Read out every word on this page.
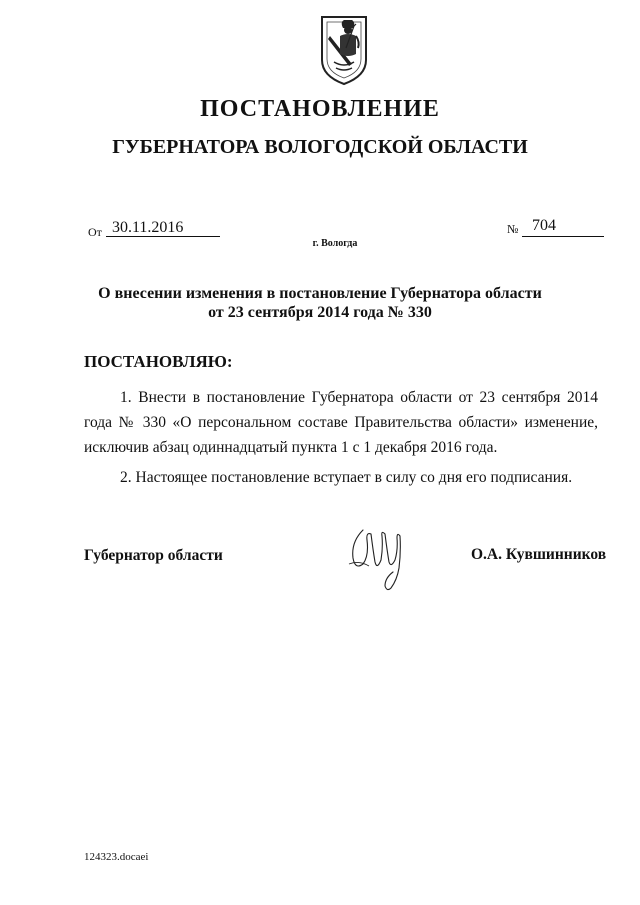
ПОСТАНОВЛЕНИЕ
ГУБЕРНАТОРА ВОЛОГОДСКОЙ ОБЛАСТИ
От 30.11.2016	№ 704
г. Вологда
О внесении изменения в постановление Губернатора области
от 23 сентября 2014 года № 330
ПОСТАНОВЛЯЮ:
1. Внести в постановление Губернатора области от 23 сентября 2014 года № 330 «О персональном составе Правительства области» изменение, исключив абзац одиннадцатый пункта 1 с 1 декабря 2016 года.
2. Настоящее постановление вступает в силу со дня его подписания.
Губернатор области	О.А. Кувшинников
124323.docaei
